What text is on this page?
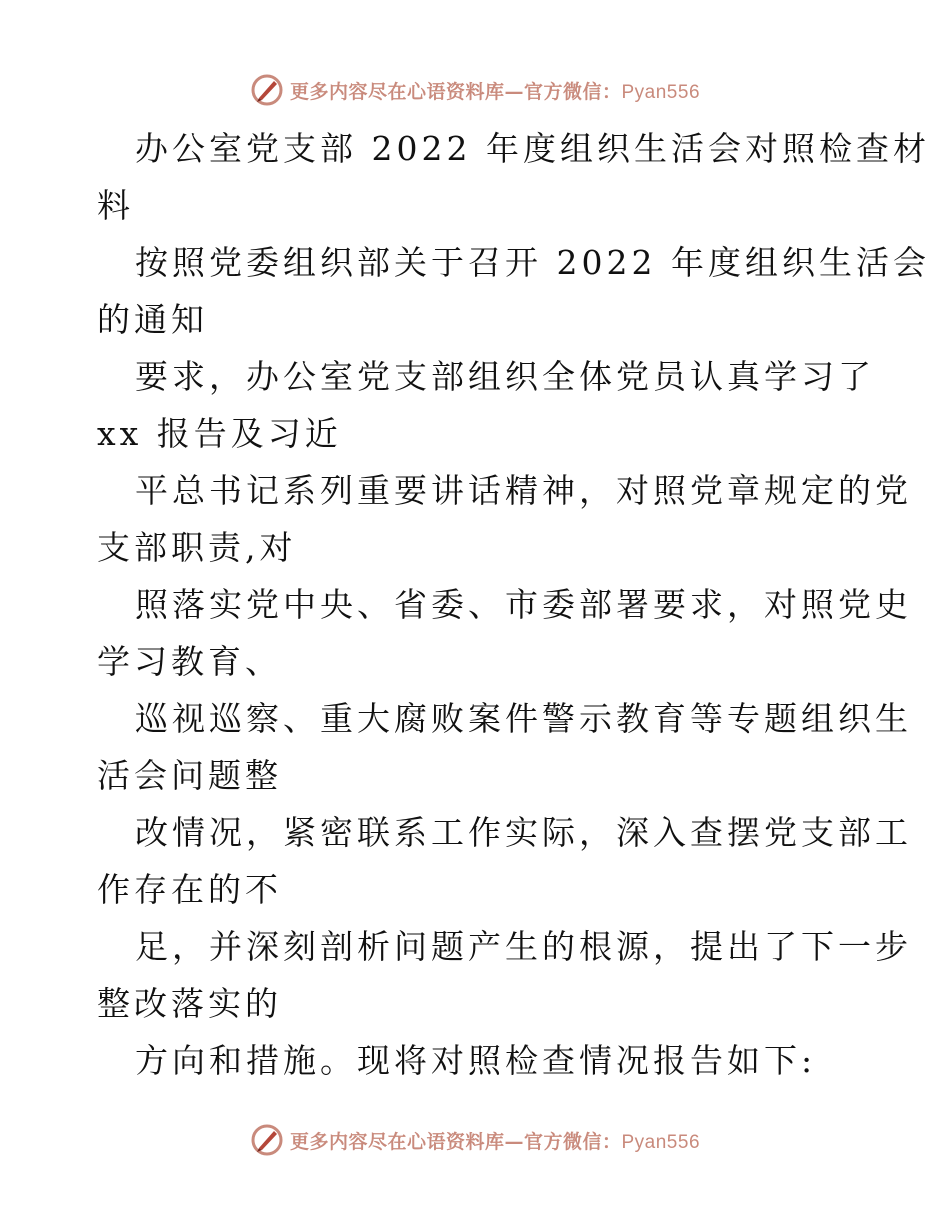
更多内容尽在心语资料库—官方微信：Pyan556
办公室党支部 2022 年度组织生活会对照检查材
料
按照党委组织部关于召开 2022 年度组织生活会
的通知
要求，办公室党支部组织全体党员认真学习了
xx 报告及习近
平总书记系列重要讲话精神，对照党章规定的党
支部职责,对
照落实党中央、省委、市委部署要求，对照党史
学习教育、
巡视巡察、重大腐败案件警示教育等专题组织生
活会问题整
改情况，紧密联系工作实际，深入查摆党支部工
作存在的不
足，并深刻剖析问题产生的根源，提出了下一步
整改落实的
方向和措施。现将对照检查情况报告如下:
更多内容尽在心语资料库—官方微信：Pyan556
